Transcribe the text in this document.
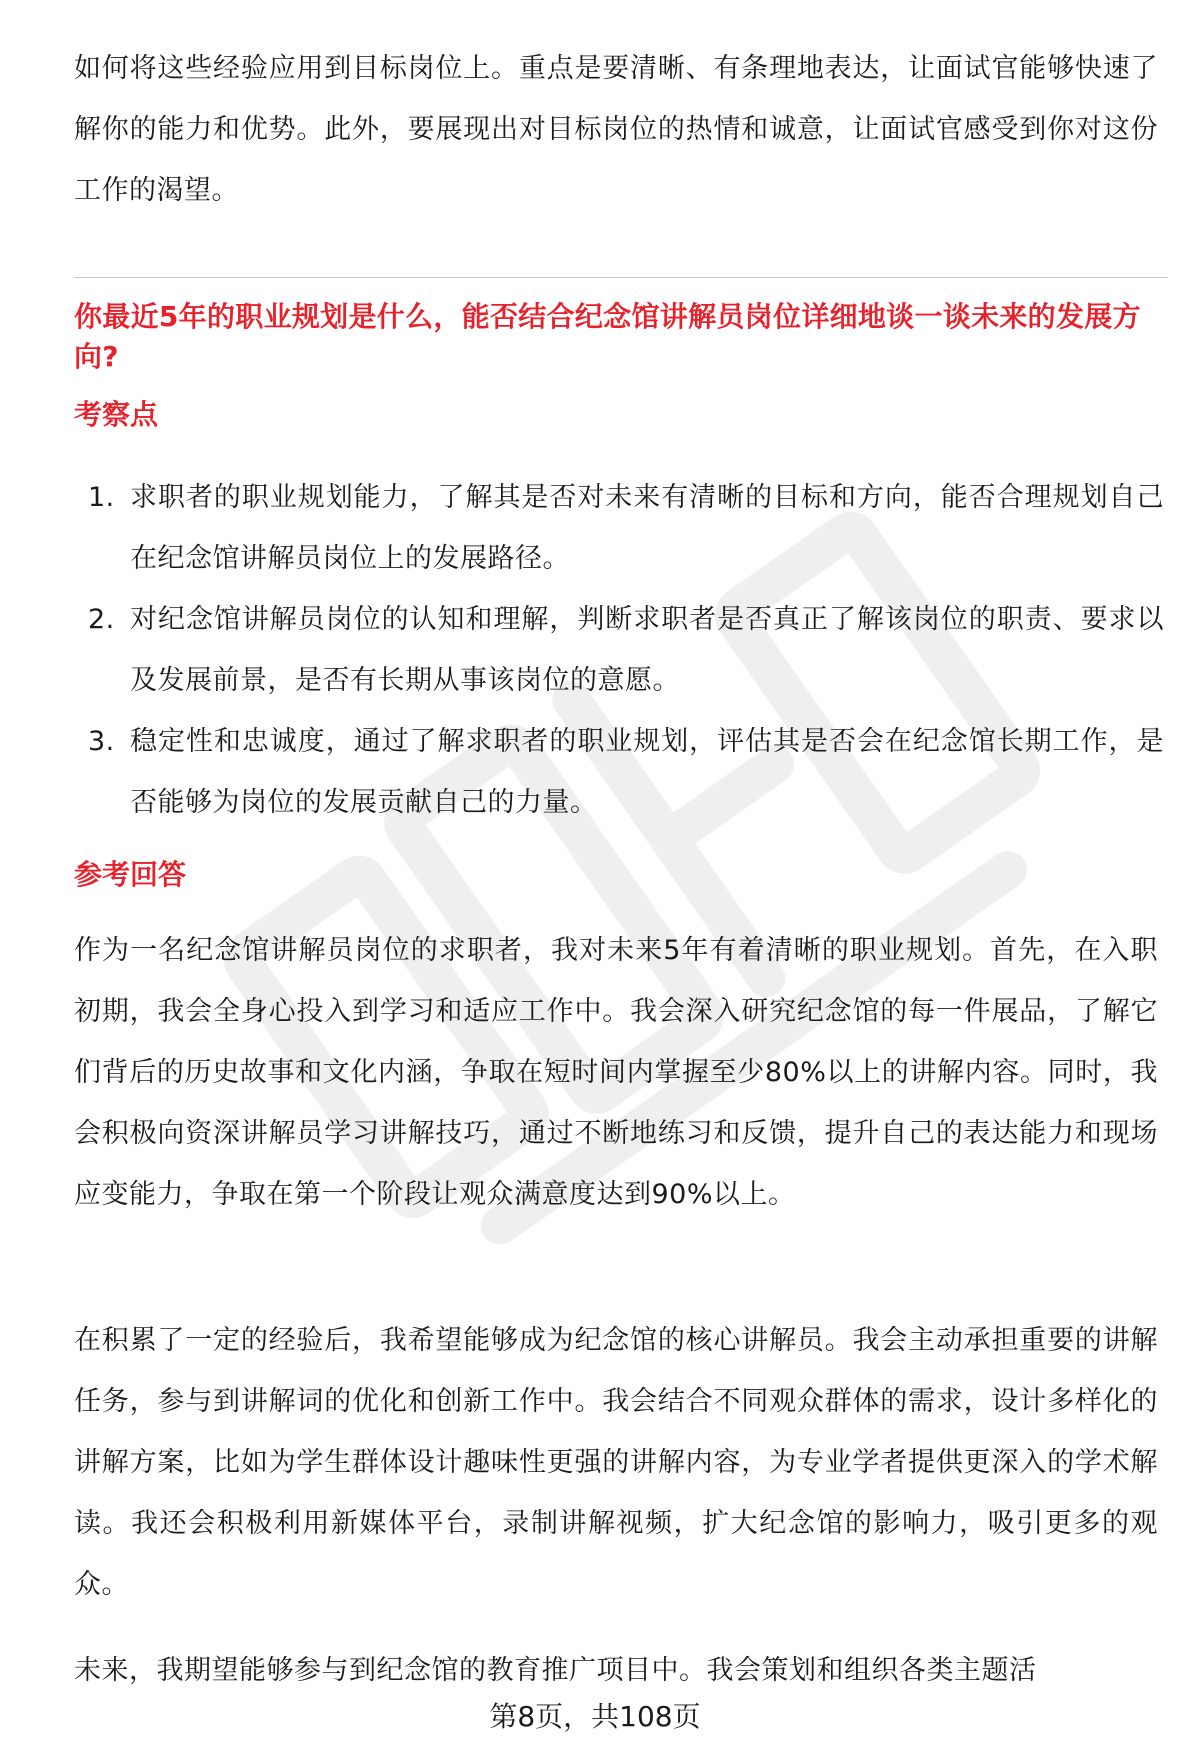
如何将这些经验应用到目标岗位上。重点是要清晰、有条理地表达，让面试官能够快速了解你的能力和优势。此外，要展现出对目标岗位的热情和诚意，让面试官感受到你对这份工作的渴望。

你最近5年的职业规划是什么，能否结合纪念馆讲解员岗位详细地谈一谈未来的发展方向?

考察点
1. 求职者的职业规划能力，了解其是否对未来有清晰的目标和方向，能否合理规划自己在纪念馆讲解员岗位上的发展路径。
2. 对纪念馆讲解员岗位的认知和理解，判断求职者是否真正了解该岗位的职责、要求以及发展前景，是否有长期从事该岗位的意愿。
3. 稳定性和忠诚度，通过了解求职者的职业规划，评估其是否会在纪念馆长期工作，是否能够为岗位的发展贡献自己的力量。
参考回答

作为一名纪念馆讲解员岗位的求职者，我对未来5年有着清晰的职业规划。首先，在入职初期，我会全身心投入到学习和适应工作中。我会深入研究纪念馆的每一件展品，了解它们背后的历史故事和文化内涵，争取在短时间内掌握至少80%以上的讲解内容。同时，我会积极向资深讲解员学习讲解技巧，通过不断地练习和反馈，提升自己的表达能力和现场应变能力，争取在第一个阶段让观众满意度达到90%以上。

在积累了一定的经验后，我希望能够成为纪念馆的核心讲解员。我会主动承担重要的讲解任务，参与到讲解词的优化和创新工作中。我会结合不同观众群体的需求，设计多样化的讲解方案，比如为学生群体设计趣味性更强的讲解内容，为专业学者提供更深入的学术解读。我还会积极利用新媒体平台，录制讲解视频，扩大纪念馆的影响力，吸引更多的观众。

未来，我期望能够参与到纪念馆的教育推广项目中。我会策划和组织各类主题活

第8页，共108页
